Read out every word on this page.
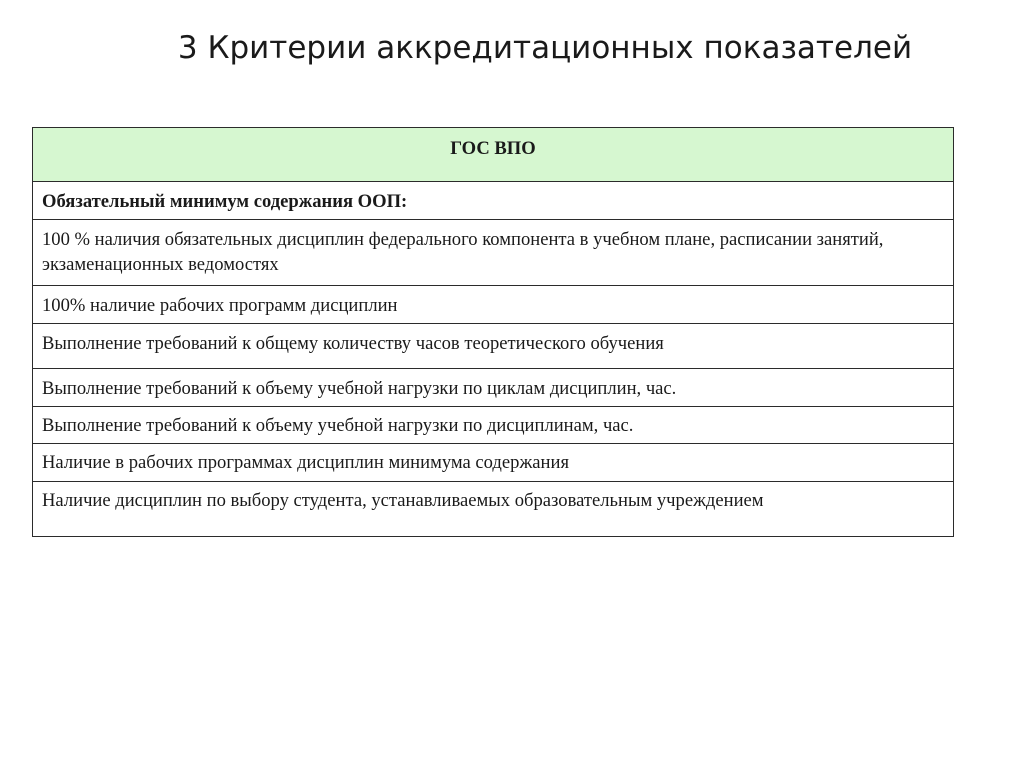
3 Критерии аккредитационных показателей
ГОС ВПО
Обязательный минимум содержания ООП:
100 % наличия обязательных дисциплин федерального компонента в учебном плане, расписании занятий, экзаменационных ведомостях
100% наличие рабочих программ дисциплин
Выполнение требований к общему количеству часов теоретического обучения
Выполнение требований к объему учебной нагрузки по циклам дисциплин, час.
Выполнение требований к объему учебной нагрузки по дисциплинам, час.
Наличие в рабочих программах дисциплин минимума содержания
Наличие дисциплин по выбору студента, устанавливаемых образовательным учреждением
